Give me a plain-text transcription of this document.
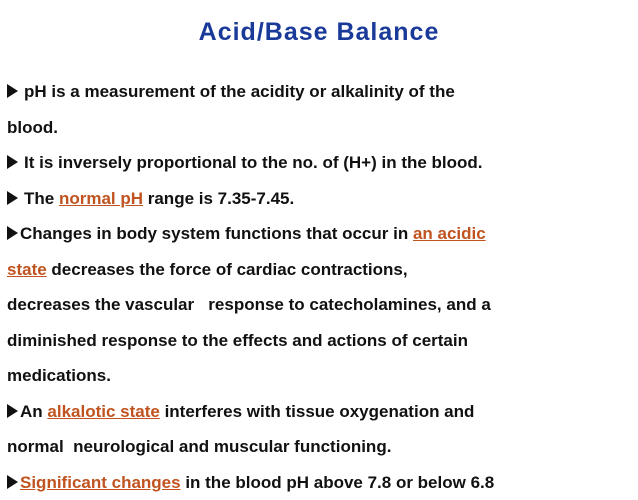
Acid/Base Balance
pH is a measurement of the acidity or alkalinity of the
blood.
It is inversely proportional to the no. of (H+) in the blood.
The normal pH range is 7.35-7.45.
Changes in body system functions that occur in an acidic
state decreases the force of cardiac contractions,
decreases the vascular   response to catecholamines, and a
diminished response to the effects and actions of certain
medications.
An alkalotic state interferes with tissue oxygenation and
normal  neurological and muscular functioning.
Significant changes in the blood pH above 7.8 or below 6.8
